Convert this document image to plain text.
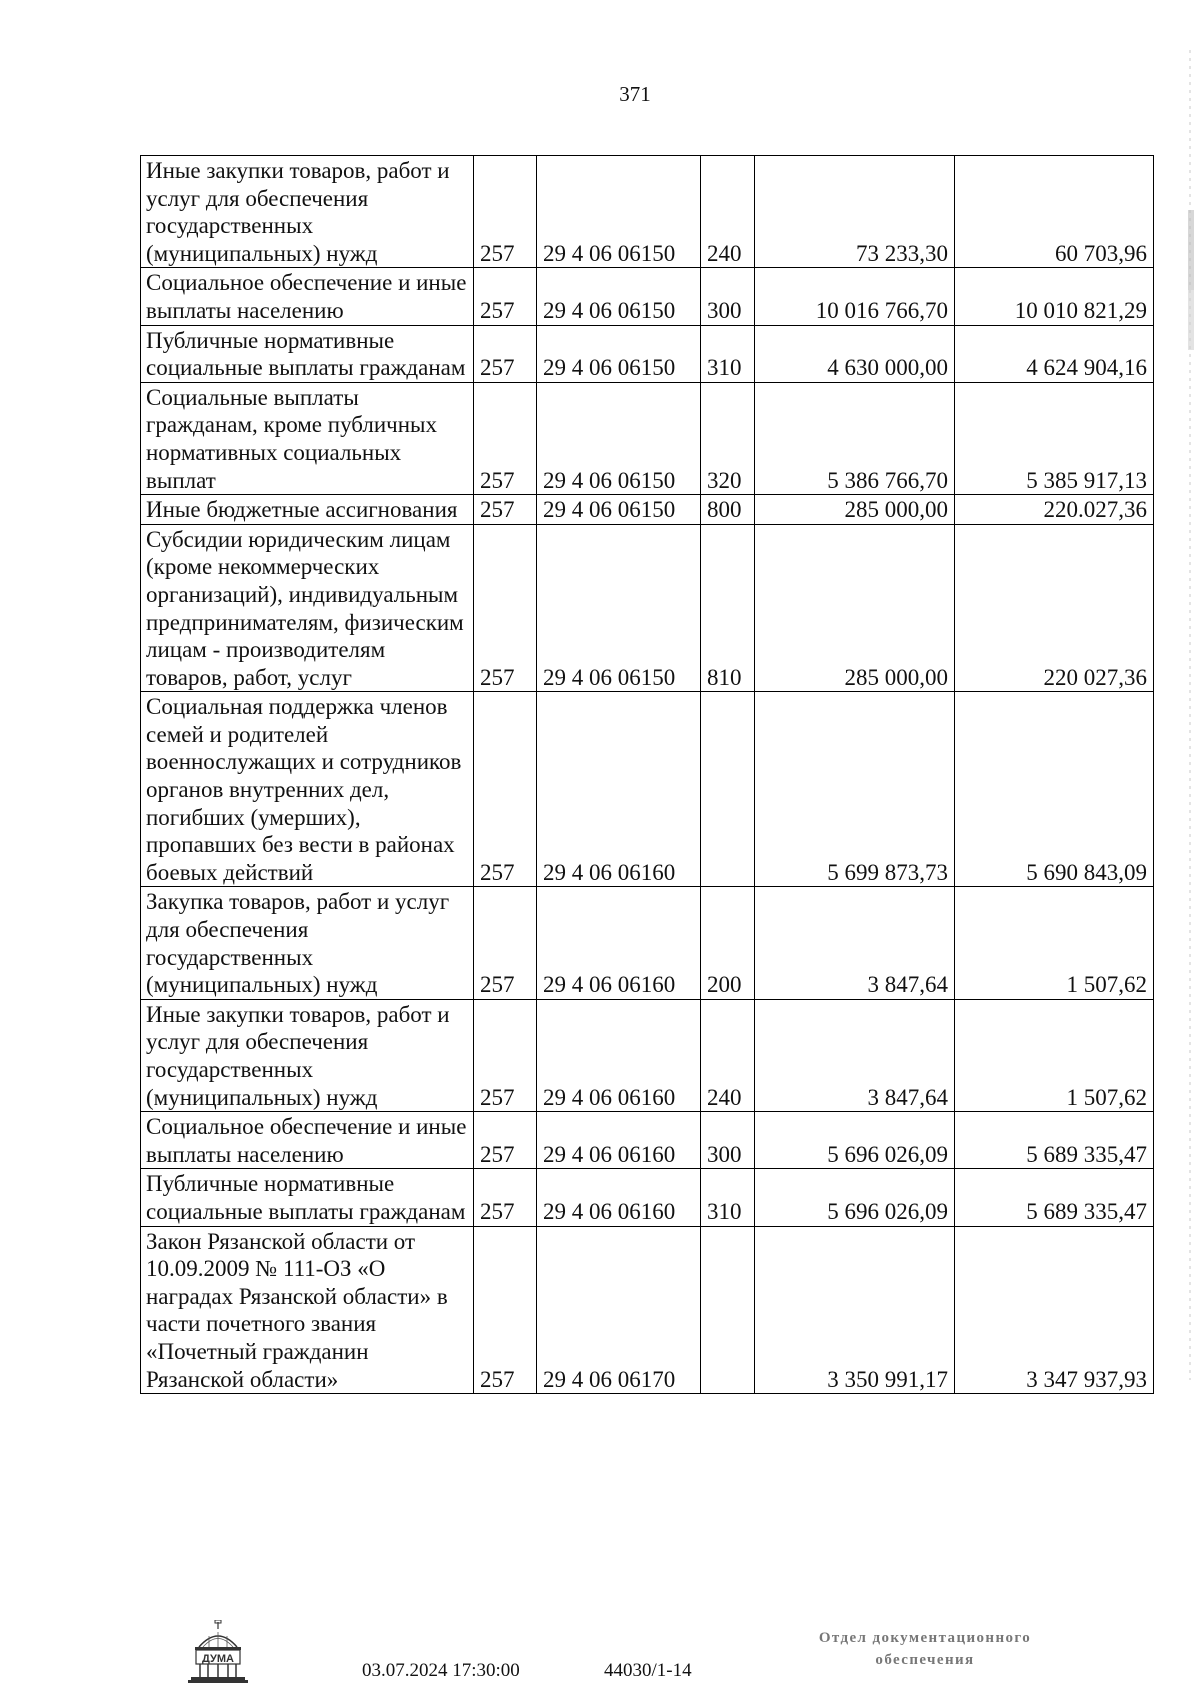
371
Иные закупки товаров, работ и услуг для обеспечения государственных (муниципальных) нужд	257	29 4 06 06150	240	73 233,30	60 703,96
Социальное обеспечение и иные выплаты населению	257	29 4 06 06150	300	10 016 766,70	10 010 821,29
Публичные нормативные социальные выплаты гражданам	257	29 4 06 06150	310	4 630 000,00	4 624 904,16
Социальные выплаты гражданам, кроме публичных нормативных социальных выплат	257	29 4 06 06150	320	5 386 766,70	5 385 917,13
Иные бюджетные ассигнования	257	29 4 06 06150	800	285 000,00	220.027,36
Субсидии юридическим лицам (кроме некоммерческих организаций), индивидуальным предпринимателям, физическим лицам - производителям товаров, работ, услуг	257	29 4 06 06150	810	285 000,00	220 027,36
Социальная поддержка членов семей и родителей военнослужащих и сотрудников органов внутренних дел, погибших (умерших), пропавших без вести в районах боевых действий	257	29 4 06 06160		5 699 873,73	5 690 843,09
Закупка товаров, работ и услуг для обеспечения государственных (муниципальных) нужд	257	29 4 06 06160	200	3 847,64	1 507,62
Иные закупки товаров, работ и услуг для обеспечения государственных (муниципальных) нужд	257	29 4 06 06160	240	3 847,64	1 507,62
Социальное обеспечение и иные выплаты населению	257	29 4 06 06160	300	5 696 026,09	5 689 335,47
Публичные нормативные социальные выплаты гражданам	257	29 4 06 06160	310	5 696 026,09	5 689 335,47
Закон Рязанской области от 10.09.2009 № 111-ОЗ «О наградах Рязанской области» в части почетного звания «Почетный гражданин Рязанской области»	257	29 4 06 06170		3 350 991,17	3 347 937,93
ДУМА
03.07.2024 17:30:00	44030/1-14
Отдел документационного
обеспечения
